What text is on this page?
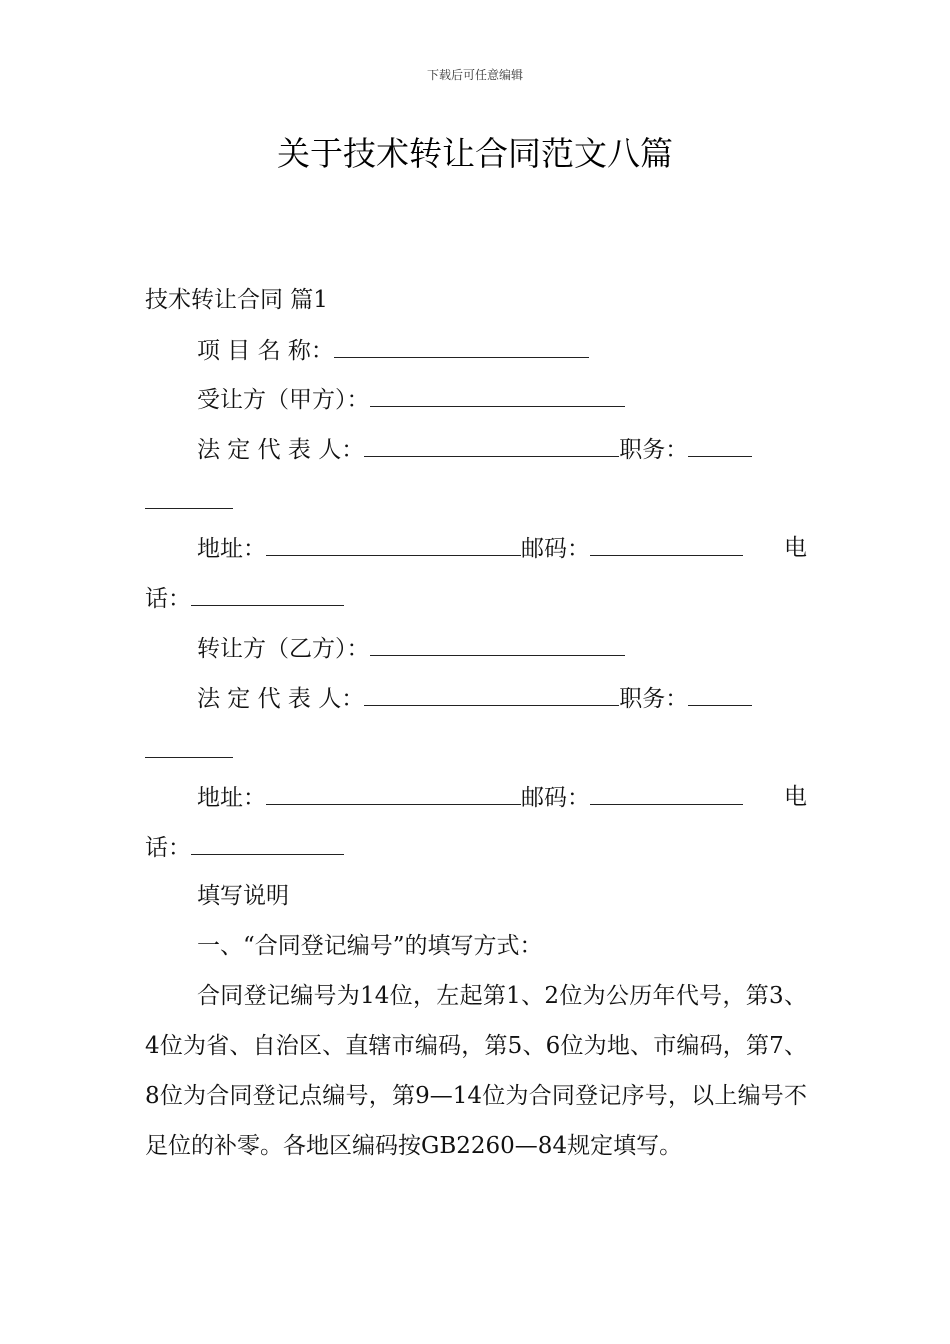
下载后可任意编辑
关于技术转让合同范文八篇
技术转让合同 篇1
项 目 名 称：
受让方（甲方）：
法 定 代 表 人：	职务：
地址：	邮码：	电
话：
转让方（乙方）：
法 定 代 表 人：	职务：
地址：	邮码：	电
话：
填写说明
一、“合同登记编号”的填写方式：
合同登记编号为14位，左起第1、2位为公历年代号，第3、4位为省、自治区、直辖市编码，第5、6位为地、市编码，第7、8位为合同登记点编号，第9—14位为合同登记序号，以上编号不足位的补零。各地区编码按GB2260—84规定填写。
